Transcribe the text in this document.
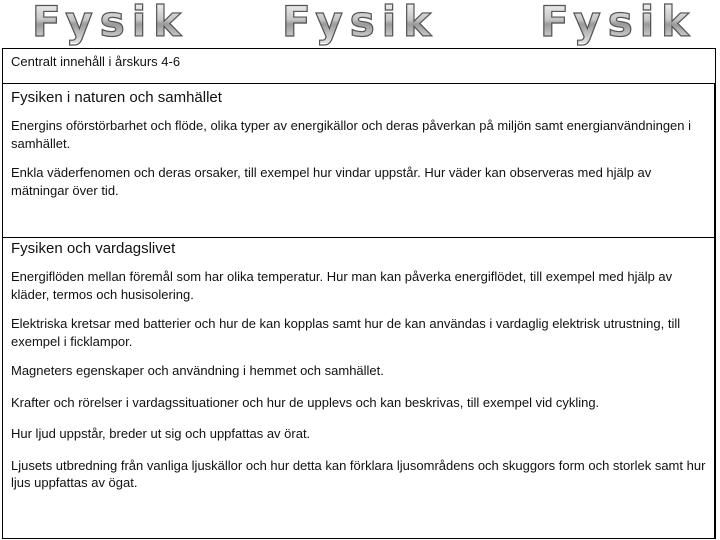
Fysik Fysik Fysik
Centralt innehåll i årskurs 4-6
Fysiken i naturen och samhället
Energins oförstörbarhet och flöde, olika typer av energikällor och deras påverkan på miljön samt energianvändningen i samhället.
Enkla väderfenomen och deras orsaker, till exempel hur vindar uppstår. Hur väder kan observeras med hjälp av mätningar över tid.
Fysiken och vardagslivet
Energiflöden mellan föremål som har olika temperatur. Hur man kan påverka energiflödet, till exempel med hjälp av kläder, termos och husisolering.
Elektriska kretsar med batterier och hur de kan kopplas samt hur de kan användas i vardaglig elektrisk utrustning, till exempel i ficklampor.
Magneters egenskaper och användning i hemmet och samhället.
Krafter och rörelser i vardagssituationer och hur de upplevs och kan beskrivas, till exempel vid cykling.
Hur ljud uppstår, breder ut sig och uppfattas av örat.
Ljusets utbredning från vanliga ljuskällor och hur detta kan förklara ljusområdens och skuggors form och storlek samt hur ljus uppfattas av ögat.
